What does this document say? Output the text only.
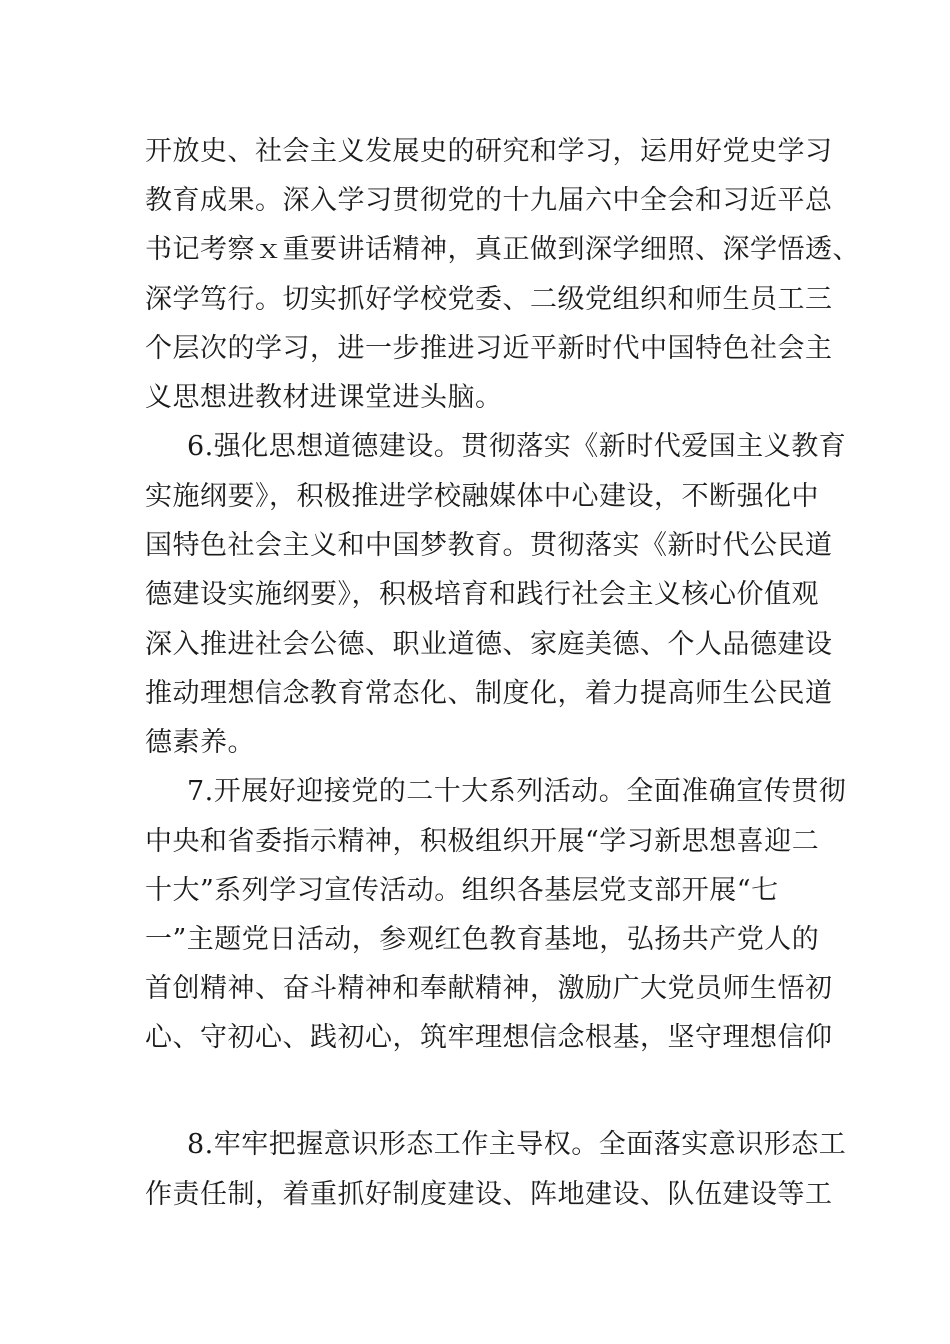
开放史、社会主义发展史的研究和学习，运用好党史学习
教育成果。深入学习贯彻党的十九届六中全会和习近平总
书记考察ｘ重要讲话精神，真正做到深学细照、深学悟透、
深学笃行。切实抓好学校党委、二级党组织和师生员工三
个层次的学习，进一步推进习近平新时代中国特色社会主
义思想进教材进课堂进头脑。
6.强化思想道德建设。贯彻落实《新时代爱国主义教育
实施纲要》，积极推进学校融媒体中心建设，不断强化中
国特色社会主义和中国梦教育。贯彻落实《新时代公民道
德建设实施纲要》，积极培育和践行社会主义核心价值观
深入推进社会公德、职业道德、家庭美德、个人品德建设
推动理想信念教育常态化、制度化，着力提高师生公民道
德素养。
7.开展好迎接党的二十大系列活动。全面准确宣传贯彻
中央和省委指示精神，积极组织开展“学习新思想喜迎二
十大”系列学习宣传活动。组织各基层党支部开展“七
一”主题党日活动，参观红色教育基地，弘扬共产党人的
首创精神、奋斗精神和奉献精神，激励广大党员师生悟初
心、守初心、践初心，筑牢理想信念根基，坚守理想信仰
8.牢牢把握意识形态工作主导权。全面落实意识形态工
作责任制，着重抓好制度建设、阵地建设、队伍建设等工
